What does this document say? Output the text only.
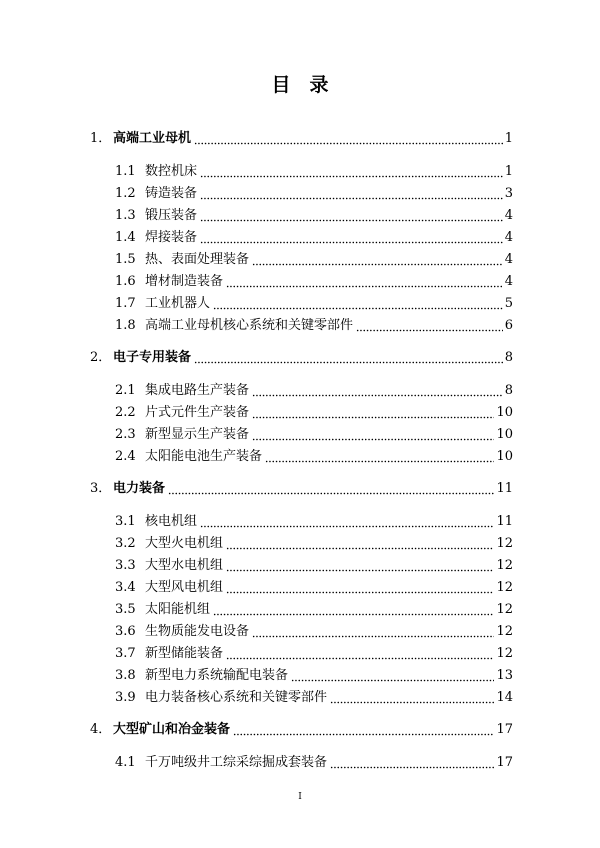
目　录
1． 高端工业母机	1
1.1 数控机床	1
1.2 铸造装备	3
1.3 锻压装备	4
1.4 焊接装备	4
1.5 热、表面处理装备	4
1.6 增材制造装备	4
1.7 工业机器人	5
1.8 高端工业母机核心系统和关键零部件	6
2． 电子专用装备	8
2.1 集成电路生产装备	8
2.2 片式元件生产装备	10
2.3 新型显示生产装备	10
2.4 太阳能电池生产装备	10
3． 电力装备	11
3.1 核电机组	11
3.2 大型火电机组	12
3.3 大型水电机组	12
3.4 大型风电机组	12
3.5 太阳能机组	12
3.6 生物质能发电设备	12
3.7 新型储能装备	12
3.8 新型电力系统输配电装备	13
3.9 电力装备核心系统和关键零部件	14
4． 大型矿山和冶金装备	17
4.1 千万吨级井工综采综掘成套装备	17
I
